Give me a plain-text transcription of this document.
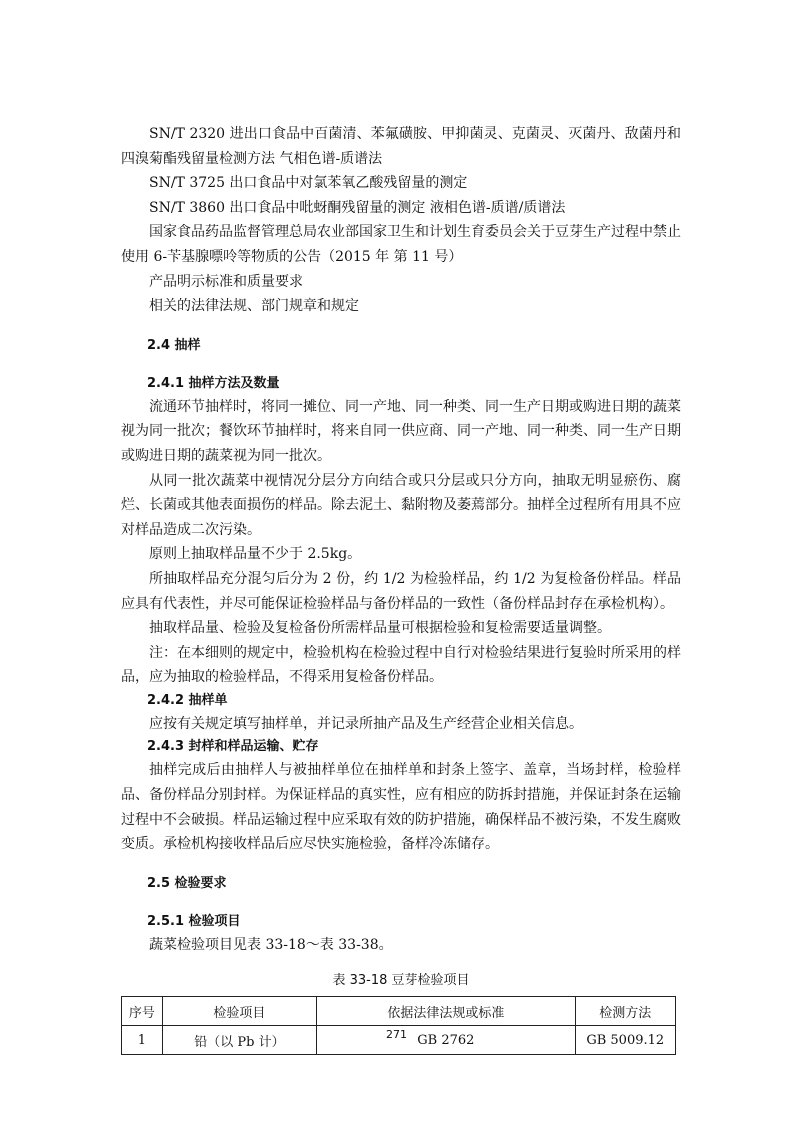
SN/T 2320 进出口食品中百菌清、苯氟磺胺、甲抑菌灵、克菌灵、灭菌丹、敌菌丹和四溴菊酯残留量检测方法 气相色谱-质谱法

SN/T 3725 出口食品中对氯苯氧乙酸残留量的测定

SN/T 3860 出口食品中吡蚜酮残留量的测定 液相色谱-质谱/质谱法

国家食品药品监督管理总局农业部国家卫生和计划生育委员会关于豆芽生产过程中禁止使用 6-苄基腺嘌呤等物质的公告（2015 年 第 11 号）

产品明示标准和质量要求

相关的法律法规、部门规章和规定

2.4 抽样
2.4.1 抽样方法及数量

流通环节抽样时，将同一摊位、同一产地、同一种类、同一生产日期或购进日期的蔬菜视为同一批次；餐饮环节抽样时，将来自同一供应商、同一产地、同一种类、同一生产日期或购进日期的蔬菜视为同一批次。

从同一批次蔬菜中视情况分层分方向结合或只分层或只分方向，抽取无明显瘀伤、腐烂、长菌或其他表面损伤的样品。除去泥土、黏附物及萎蔫部分。抽样全过程所有用具不应对样品造成二次污染。

原则上抽取样品量不少于 2.5kg。

所抽取样品充分混匀后分为 2 份，约 1/2 为检验样品，约 1/2 为复检备份样品。样品应具有代表性，并尽可能保证检验样品与备份样品的一致性（备份样品封存在承检机构）。

抽取样品量、检验及复检备份所需样品量可根据检验和复检需要适量调整。

注：在本细则的规定中，检验机构在检验过程中自行对检验结果进行复验时所采用的样品，应为抽取的检验样品，不得采用复检备份样品。

2.4.2 抽样单

应按有关规定填写抽样单，并记录所抽产品及生产经营企业相关信息。

2.4.3 封样和样品运输、贮存

抽样完成后由抽样人与被抽样单位在抽样单和封条上签字、盖章，当场封样，检验样品、备份样品分别封样。为保证样品的真实性，应有相应的防拆封措施，并保证封条在运输过程中不会破损。样品运输过程中应采取有效的防护措施，确保样品不被污染，不发生腐败变质。承检机构接收样品后应尽快实施检验，备样冷冻储存。

2.5 检验要求
2.5.1 检验项目

蔬菜检验项目见表 33-18～表 33-38。

表 33-18 豆芽检验项目
序号	检验项目	依据法律法规或标准	检测方法
1	铅（以 Pb 计）	GB 2762	GB 5009.12
271
